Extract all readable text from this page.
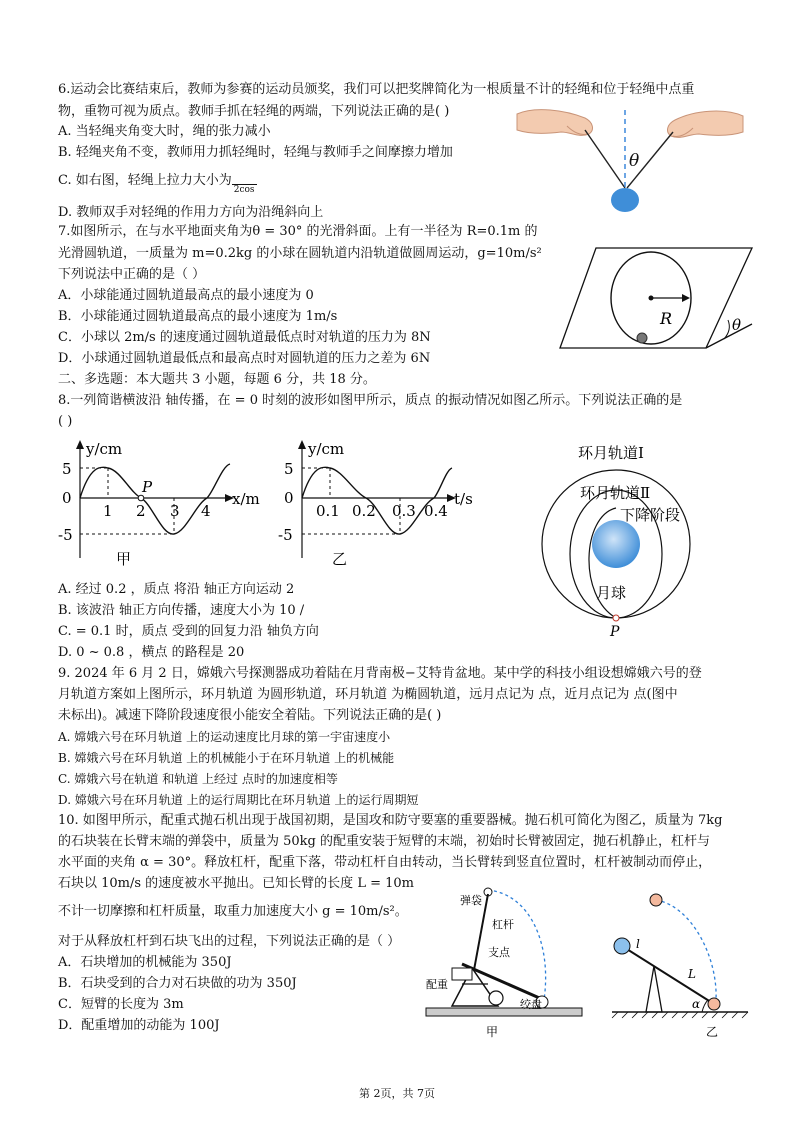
6.运动会比赛结束后，教师为参赛的运动员颁奖，我们可以把奖牌简化为一根质量不计的轻绳和位于轻绳中点重
物，重物可视为质点。教师手抓在轻绳的两端，下列说法正确的是( )
A. 当轻绳夹角变大时，绳的张力减小
B. 轻绳夹角不变，教师用力抓轻绳时，轻绳与教师手之间摩擦力增加
C. 如右图，轻绳上拉力大小为2cos
D. 教师双手对轻绳的作用力方向为沿绳斜向上
θ
7.如图所示，在与水平地面夹角为θ = 30° 的光滑斜面。上有一半径为 R=0.1m 的
光滑圆轨道，一质量为 m=0.2kg 的小球在圆轨道内沿轨道做圆周运动，g=10m/s²
下列说法中正确的是（ ）
A．小球能通过圆轨道最高点的最小速度为 0
B．小球能通过圆轨道最高点的最小速度为 1m/s
C．小球以 2m/s 的速度通过圆轨道最低点时对轨道的压力为 8N
D．小球通过圆轨道最低点和最高点时对圆轨道的压力之差为 6N
θ
R
二、多选题：本大题共 3 小题，每题 6 分，共 18 分。
8.一列简谐横波沿 轴传播，在 = 0 时刻的波形如图甲所示，质点 的振动情况如图乙所示。下列说法正确的是
( )
A. 经过 0.2 ，质点 将沿 轴正方向运动 2
B. 该波沿 轴正方向传播，速度大小为 10 /
C. = 0.1 时，质点 受到的回复力沿 轴负方向
D. 0 ~ 0.8 ，横点 的路程是 20
y/cm
x/m
5
0
-5
P
1 2 3 4
甲
y/cm
t/s
5
0
-5
0.1 0.2 0.3 0.4
乙
环月轨道Ⅰ
环月轨道Ⅱ
下降阶段
月球
P
9. 2024 年 6 月 2 日，嫦娥六号探测器成功着陆在月背南极−艾特肯盆地。某中学的科技小组设想嫦娥六号的登
月轨道方案如上图所示，环月轨道 为圆形轨道，环月轨道 为椭圆轨道，远月点记为 点，近月点记为 点(图中
未标出)。减速下降阶段速度很小能安全着陆。下列说法正确的是( )
A. 嫦娥六号在环月轨道 上的运动速度比月球的第一宇宙速度小
B. 嫦娥六号在环月轨道 上的机械能小于在环月轨道 上的机械能
C. 嫦娥六号在轨道 和轨道 上经过 点时的加速度相等
D. 嫦娥六号在环月轨道 上的运行周期比在环月轨道 上的运行周期短
10. 如图甲所示，配重式抛石机出现于战国初期，是国攻和防守要塞的重要器械。抛石机可简化为图乙，质量为 7kg
的石块装在长臂末端的弹袋中，质量为 50kg 的配重安装于短臂的末端，初始时长臂被固定，抛石机静止，杠杆与
水平面的夹角 α = 30°。释放杠杆，配重下落，带动杠杆自由转动，当长臂转到竖直位置时，杠杆被制动而停止，
石块以 10m/s 的速度被水平抛出。已知长臂的长度 L = 10m
不计一切摩擦和杠杆质量，取重力加速度大小 g = 10m/s²。
对于从释放杠杆到石块飞出的过程，下列说法正确的是（ ）
A．石块增加的机械能为 350J
B．石块受到的合力对石块做的功为 350J
C．短臂的长度为 3m
D．配重增加的动能为 100J
弹袋
杠杆
支点
配重
绞盘
甲
l
L
α
乙
第 2页，共 7页
